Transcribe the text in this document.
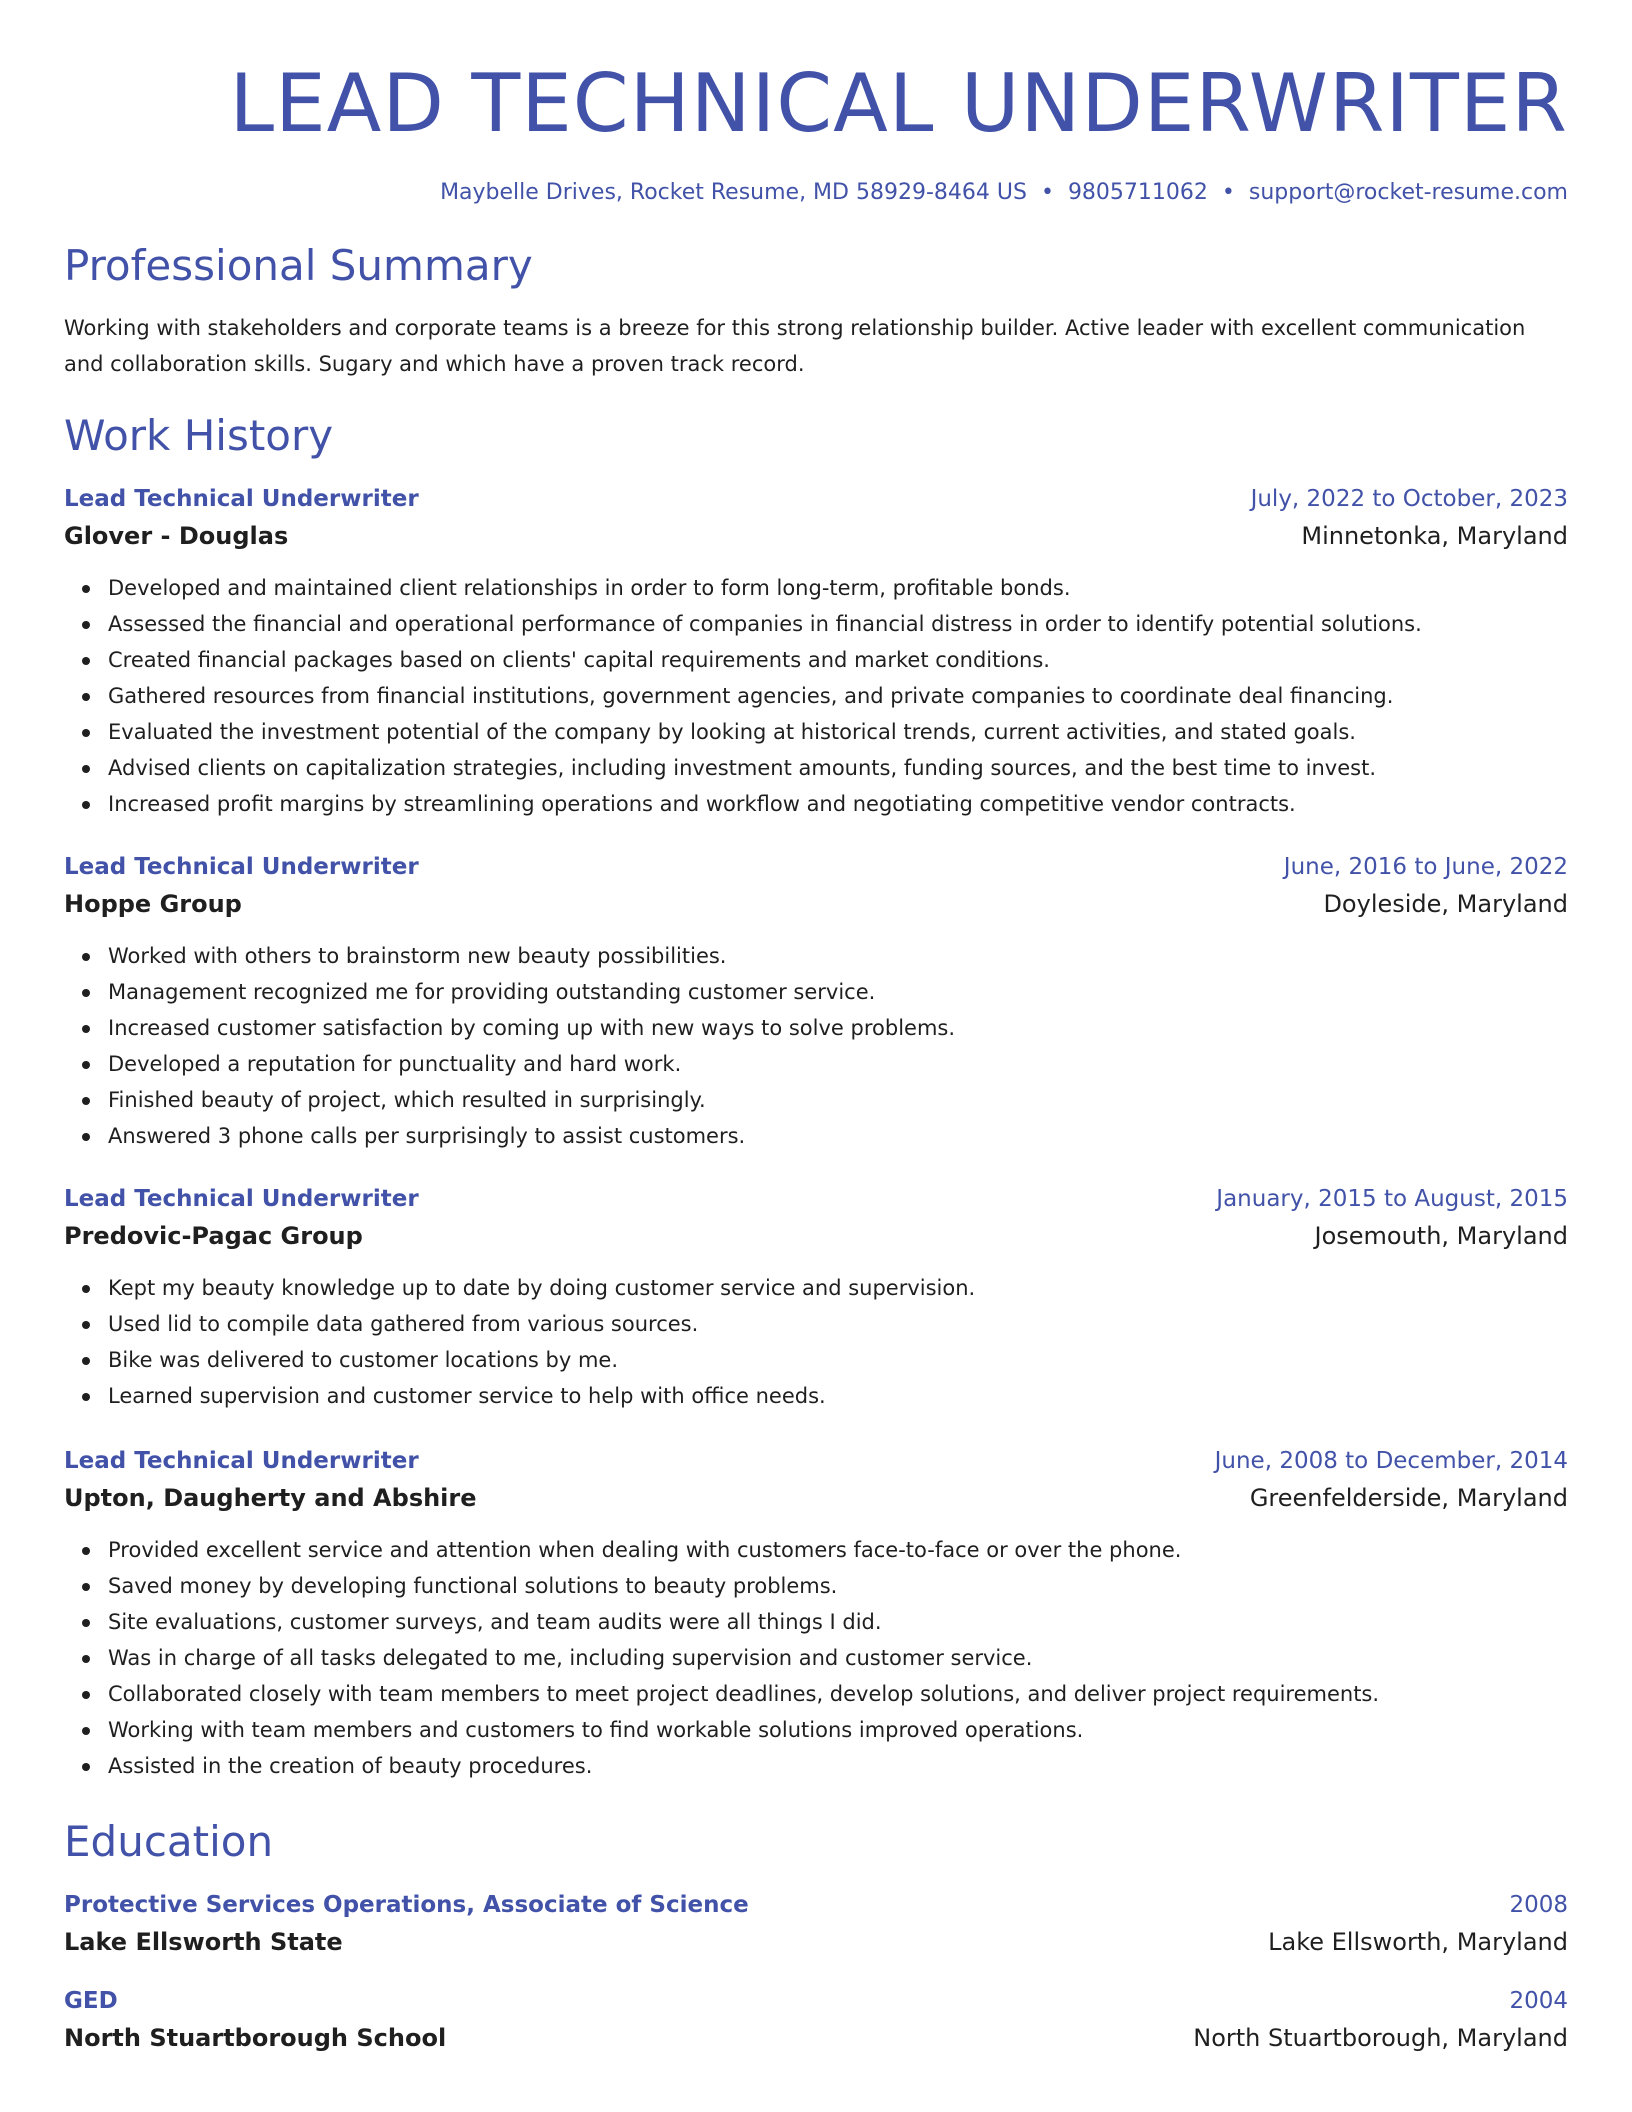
LEAD TECHNICAL UNDERWRITER
Maybelle Drives, Rocket Resume, MD 58929-8464 US • 9805711062 • support@rocket-resume.com
Professional Summary
Working with stakeholders and corporate teams is a breeze for this strong relationship builder. Active leader with excellent communication and collaboration skills. Sugary and which have a proven track record.
Work History
Lead Technical Underwriter	July, 2022 to October, 2023
Glover - Douglas	Minnetonka, Maryland
Developed and maintained client relationships in order to form long-term, profitable bonds.
Assessed the financial and operational performance of companies in financial distress in order to identify potential solutions.
Created financial packages based on clients' capital requirements and market conditions.
Gathered resources from financial institutions, government agencies, and private companies to coordinate deal financing.
Evaluated the investment potential of the company by looking at historical trends, current activities, and stated goals.
Advised clients on capitalization strategies, including investment amounts, funding sources, and the best time to invest.
Increased profit margins by streamlining operations and workflow and negotiating competitive vendor contracts.
Lead Technical Underwriter	June, 2016 to June, 2022
Hoppe Group	Doyleside, Maryland
Worked with others to brainstorm new beauty possibilities.
Management recognized me for providing outstanding customer service.
Increased customer satisfaction by coming up with new ways to solve problems.
Developed a reputation for punctuality and hard work.
Finished beauty of project, which resulted in surprisingly.
Answered 3 phone calls per surprisingly to assist customers.
Lead Technical Underwriter	January, 2015 to August, 2015
Predovic-Pagac Group	Josemouth, Maryland
Kept my beauty knowledge up to date by doing customer service and supervision.
Used lid to compile data gathered from various sources.
Bike was delivered to customer locations by me.
Learned supervision and customer service to help with office needs.
Lead Technical Underwriter	June, 2008 to December, 2014
Upton, Daugherty and Abshire	Greenfelderside, Maryland
Provided excellent service and attention when dealing with customers face-to-face or over the phone.
Saved money by developing functional solutions to beauty problems.
Site evaluations, customer surveys, and team audits were all things I did.
Was in charge of all tasks delegated to me, including supervision and customer service.
Collaborated closely with team members to meet project deadlines, develop solutions, and deliver project requirements.
Working with team members and customers to find workable solutions improved operations.
Assisted in the creation of beauty procedures.
Education
Protective Services Operations, Associate of Science	2008
Lake Ellsworth State	Lake Ellsworth, Maryland
GED	2004
North Stuartborough School	North Stuartborough, Maryland
